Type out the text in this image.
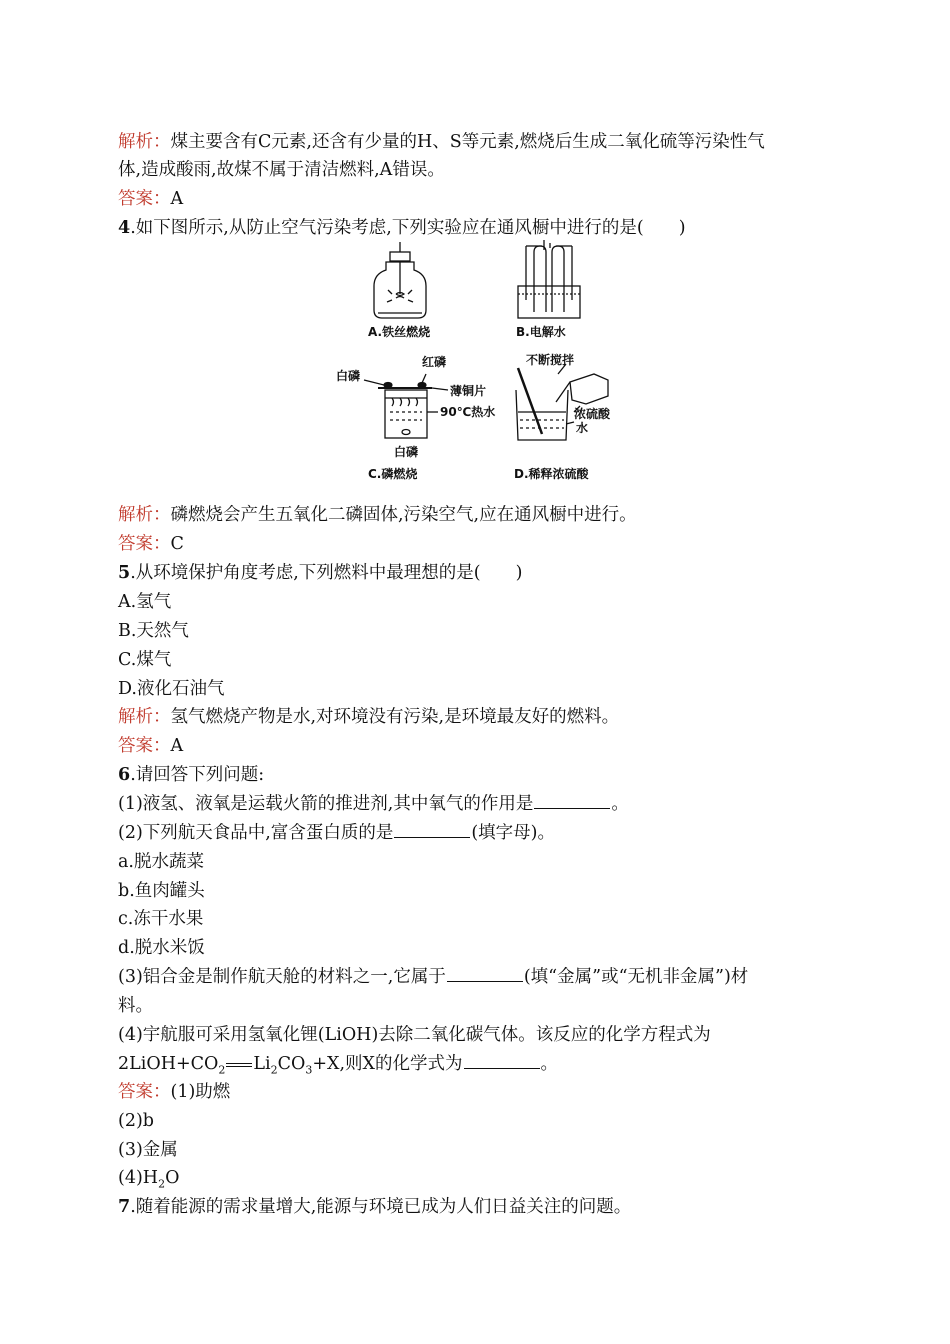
解析：煤主要含有C元素,还含有少量的H、S等元素,燃烧后生成二氧化硫等污染性气
体,造成酸雨,故煤不属于清洁燃料,A错误。
答案：A
4.如下图所示,从防止空气污染考虑,下列实验应在通风橱中进行的是(　　)
A.铁丝燃烧	B.电解水
白磷
红磷
薄铜片
90℃热水
白磷
C.磷燃烧
不断搅拌
浓硫酸
水
D.稀释浓硫酸
解析：磷燃烧会产生五氧化二磷固体,污染空气,应在通风橱中进行。
答案：C
5.从环境保护角度考虑,下列燃料中最理想的是(　　)
A.氢气
B.天然气
C.煤气
D.液化石油气
解析：氢气燃烧产物是水,对环境没有污染,是环境最友好的燃料。
答案：A
6.请回答下列问题:
(1)液氢、液氧是运载火箭的推进剂,其中氧气的作用是	。
(2)下列航天食品中,富含蛋白质的是	(填字母)。
a.脱水蔬菜
b.鱼肉罐头
c.冻干水果
d.脱水米饭
(3)铝合金是制作航天舱的材料之一,它属于	(填“金属”或“无机非金属”)材
料。
(4)宇航服可采用氢氧化锂(LiOH)去除二氧化碳气体。该反应的化学方程式为
$2LiOH+CO_2$ $Li_2CO_3+X$,则X的化学式为	。
答案：(1)助燃
(2)b
(3)金属
$(4)H_2O$
7.随着能源的需求量增大,能源与环境已成为人们日益关注的问题。
